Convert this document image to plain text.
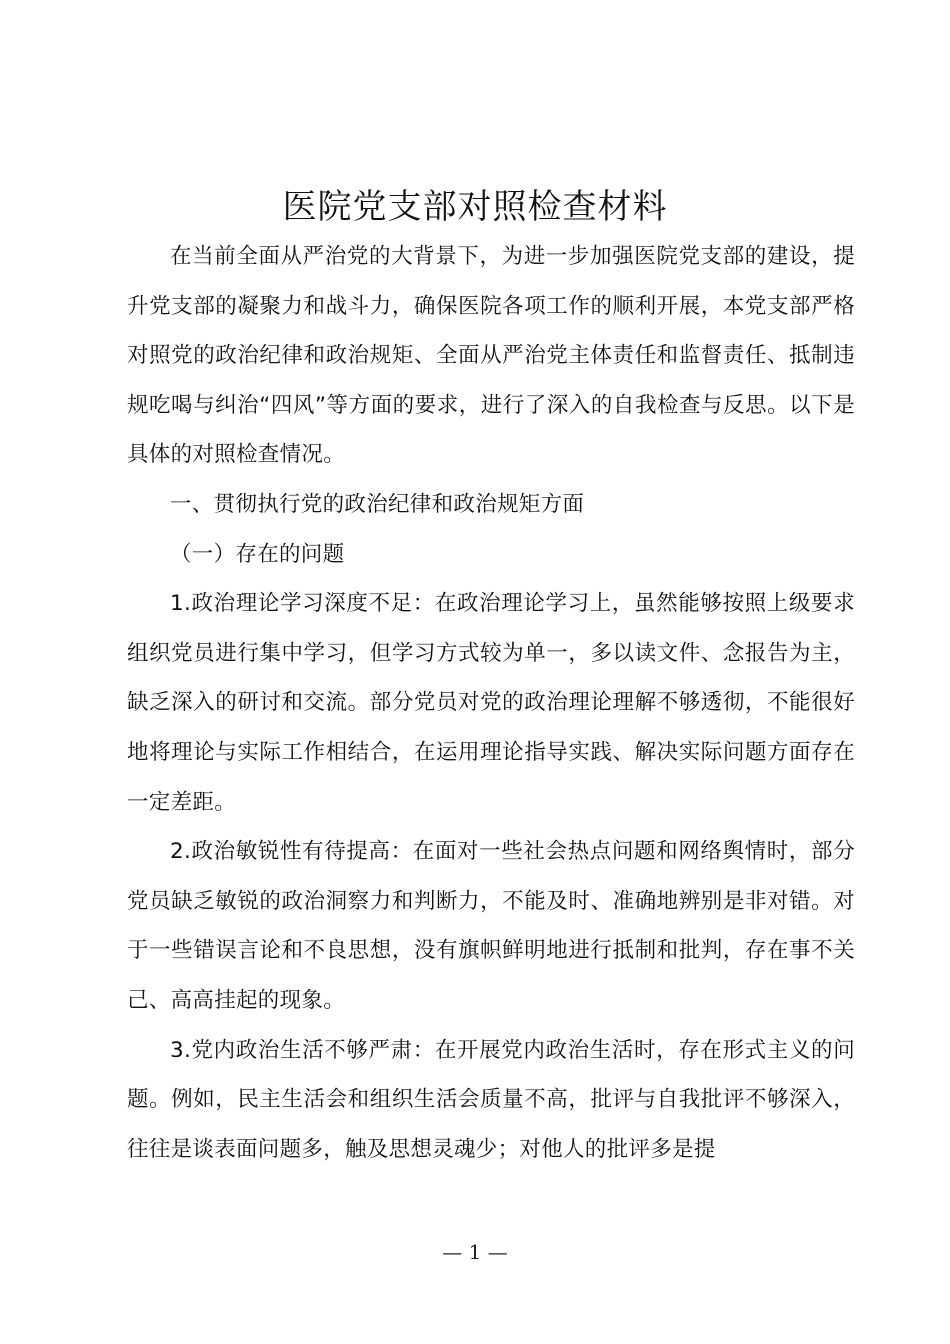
医院党支部对照检查材料

在当前全面从严治党的大背景下，为进一步加强医院党支部的建设，提升党支部的凝聚力和战斗力，确保医院各项工作的顺利开展，本党支部严格对照党的政治纪律和政治规矩、全面从严治党主体责任和监督责任、抵制违规吃喝与纠治“四风”等方面的要求，进行了深入的自我检查与反思。以下是具体的对照检查情况。

一、贯彻执行党的政治纪律和政治规矩方面

（一）存在的问题

1.政治理论学习深度不足：在政治理论学习上，虽然能够按照上级要求组织党员进行集中学习，但学习方式较为单一，多以读文件、念报告为主，缺乏深入的研讨和交流。部分党员对党的政治理论理解不够透彻，不能很好地将理论与实际工作相结合，在运用理论指导实践、解决实际问题方面存在一定差距。

2.政治敏锐性有待提高：在面对一些社会热点问题和网络舆情时，部分党员缺乏敏锐的政治洞察力和判断力，不能及时、准确地辨别是非对错。对于一些错误言论和不良思想，没有旗帜鲜明地进行抵制和批判，存在事不关己、高高挂起的现象。

3.党内政治生活不够严肃：在开展党内政治生活时，存在形式主义的问题。例如，民主生活会和组织生活会质量不高，批评与自我批评不够深入，往往是谈表面问题多，触及思想灵魂少；对他人的批评多是提

— 1 —
